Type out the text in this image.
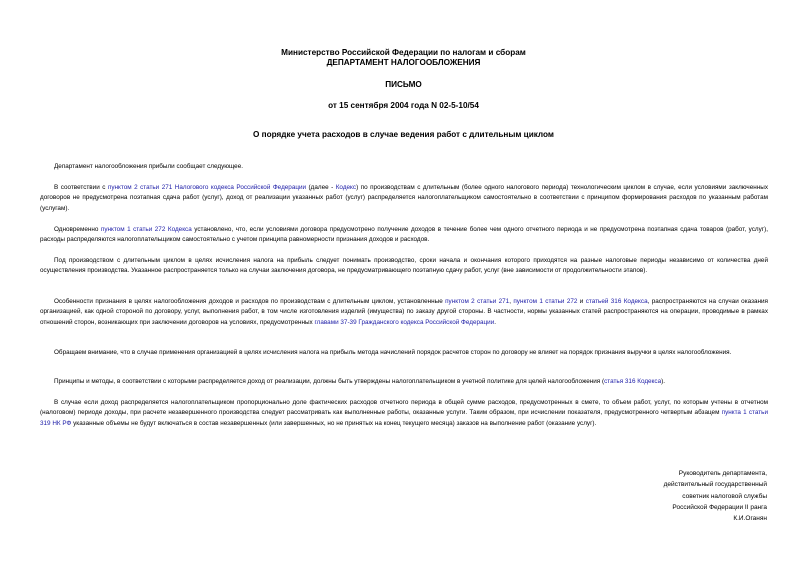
Министерство Российской Федерации по налогам и сборам
ДЕПАРТАМЕНТ НАЛОГООБЛОЖЕНИЯ
ПИСЬМО
от 15 сентября 2004 года N 02-5-10/54
О порядке учета расходов в случае ведения работ с длительным циклом

Департамент налогообложения прибыли сообщает следующее.

В соответствии с пунктом 2 статьи 271 Налогового кодекса Российской Федерации (далее - Кодекс) по производствам с длительным (более одного налогового периода) технологическим циклом в случае, если условиями заключенных договоров не предусмотрена поэтапная сдача работ (услуг), доход от реализации указанных работ (услуг) распределяется налогоплательщиком самостоятельно в соответствии с принципом формирования расходов по указанным работам (услугам).

Одновременно пунктом 1 статьи 272 Кодекса установлено, что, если условиями договора предусмотрено получение доходов в течение более чем одного отчетного периода и не предусмотрена поэтапная сдача товаров (работ, услуг), расходы распределяются налогоплательщиком самостоятельно с учетом принципа равномерности признания доходов и расходов.

Под производством с длительным циклом в целях исчисления налога на прибыль следует понимать производство, сроки начала и окончания которого приходятся на разные налоговые периоды независимо от количества дней осуществления производства. Указанное распространяется только на случаи заключения договора, не предусматривающего поэтапную сдачу работ, услуг (вне зависимости от продолжительности этапов).

Особенности признания в целях налогообложения доходов и расходов по производствам с длительным циклом, установленные пунктом 2 статьи 271, пунктом 1 статьи 272 и статьей 316 Кодекса, распространяются на случаи оказания организацией, как одной стороной по договору, услуг, выполнения работ, в том числе изготовления изделий (имущества) по заказу другой стороны. В частности, нормы указанных статей распространяются на операции, проводимые в рамках отношений сторон, возникающих при заключении договоров на условиях, предусмотренных главами 37-39 Гражданского кодекса Российской Федерации.

Обращаем внимание, что в случае применения организацией в целях исчисления налога на прибыль метода начислений порядок расчетов сторон по договору не влияет на порядок признания выручки в целях налогообложения.

Принципы и методы, в соответствии с которыми распределяется доход от реализации, должны быть утверждены налогоплательщиком в учетной политике для целей налогообложения (статья 316 Кодекса).

В случае если доход распределяется налогоплательщиком пропорционально доле фактических расходов отчетного периода в общей сумме расходов, предусмотренных в смете, то объем работ, услуг, по которым учтены в отчетном (налоговом) периоде доходы, при расчете незавершенного производства следует рассматривать как выполненные работы, оказанные услуги. Таким образом, при исчислении показателя, предусмотренного четвертым абзацем пункта 1 статьи 319 НК РФ указанные объемы не будут включаться в состав незавершенных (или завершенных, но не принятых на конец текущего месяца) заказов на выполнение работ (оказание услуг).

Руководитель департамента,
действительный государственный
советник налоговой службы
Российской Федерации II ранга
К.И.Оганян
